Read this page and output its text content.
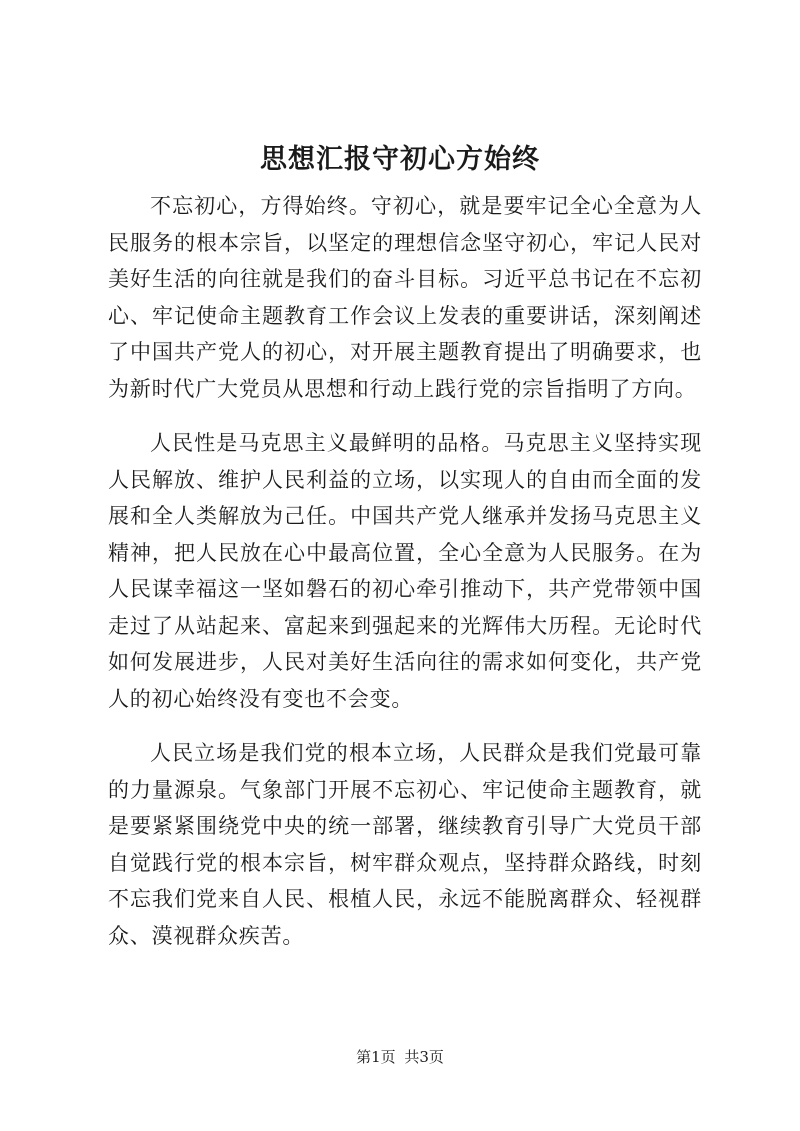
思想汇报守初心方始终

不忘初心，方得始终。守初心，就是要牢记全心全意为人民服务的根本宗旨，以坚定的理想信念坚守初心，牢记人民对美好生活的向往就是我们的奋斗目标。习近平总书记在不忘初心、牢记使命主题教育工作会议上发表的重要讲话，深刻阐述了中国共产党人的初心，对开展主题教育提出了明确要求，也为新时代广大党员从思想和行动上践行党的宗旨指明了方向。

人民性是马克思主义最鲜明的品格。马克思主义坚持实现人民解放、维护人民利益的立场，以实现人的自由而全面的发展和全人类解放为己任。中国共产党人继承并发扬马克思主义精神，把人民放在心中最高位置，全心全意为人民服务。在为人民谋幸福这一坚如磐石的初心牵引推动下，共产党带领中国走过了从站起来、富起来到强起来的光辉伟大历程。无论时代如何发展进步，人民对美好生活向往的需求如何变化，共产党人的初心始终没有变也不会变。

人民立场是我们党的根本立场，人民群众是我们党最可靠的力量源泉。气象部门开展不忘初心、牢记使命主题教育，就是要紧紧围绕党中央的统一部署，继续教育引导广大党员干部自觉践行党的根本宗旨，树牢群众观点，坚持群众路线，时刻不忘我们党来自人民、根植人民，永远不能脱离群众、轻视群众、漠视群众疾苦。

第1页 共3页
